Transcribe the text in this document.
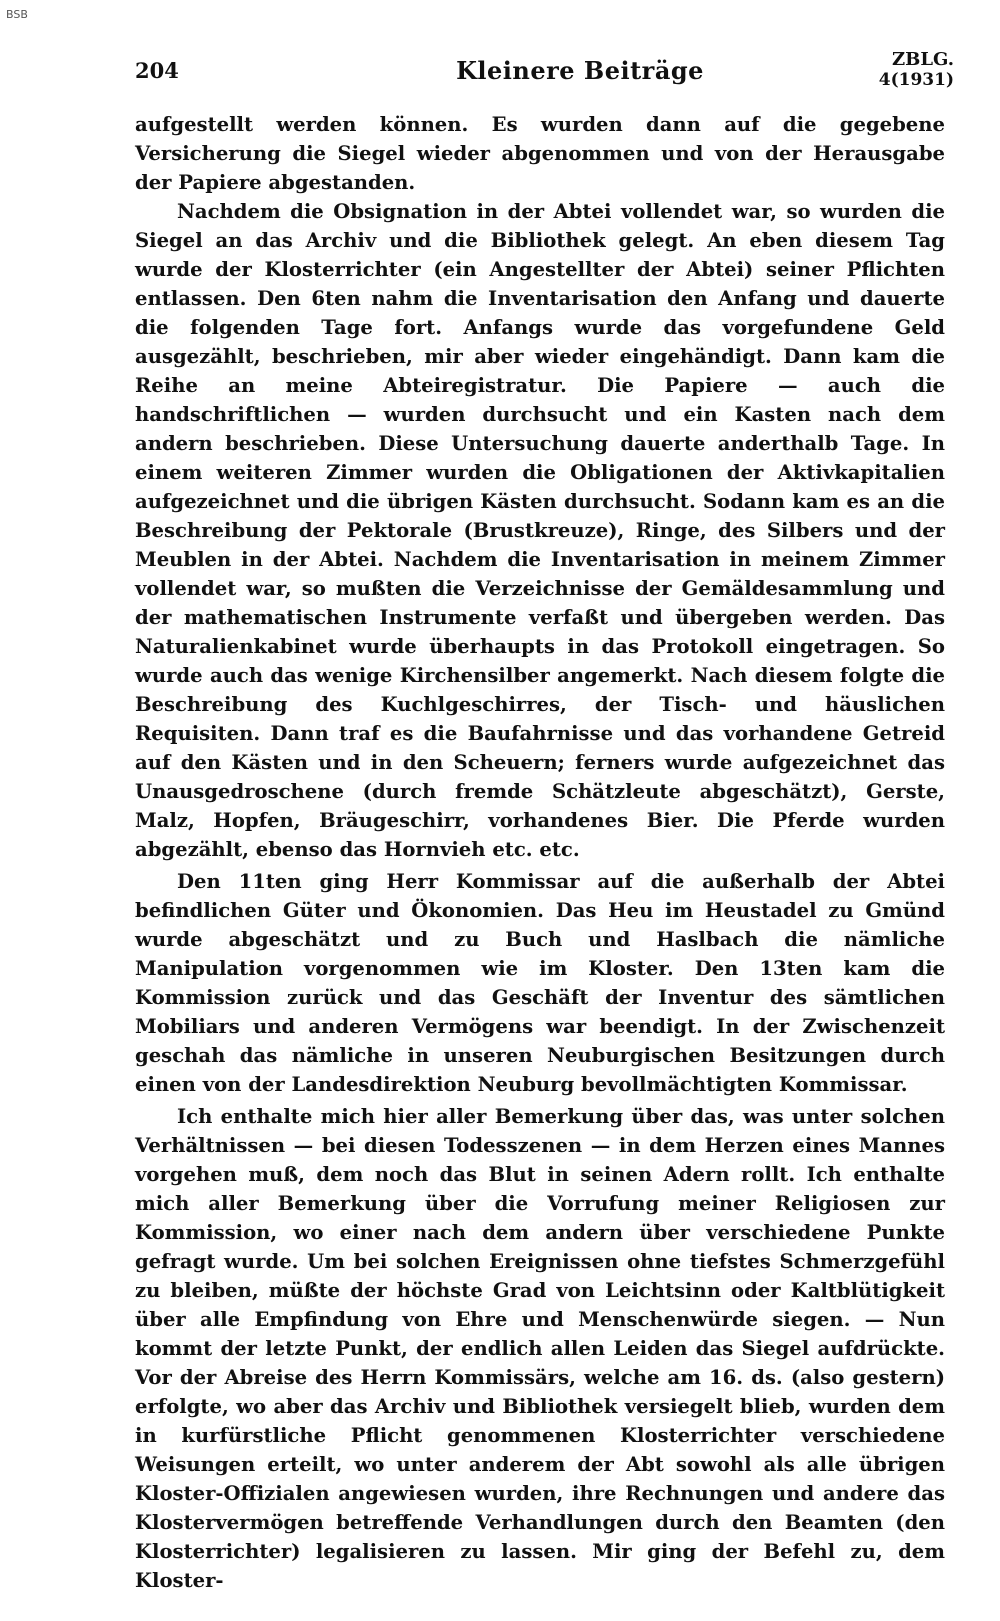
BSB
204	Kleinere Beiträge	ZBLG.
4(1931)

aufgestellt werden können. Es wurden dann auf die gegebene Versicherung die Siegel wieder abgenommen und von der Herausgabe der Papiere abgestanden.

Nachdem die Obsignation in der Abtei vollendet war, so wurden die Siegel an das Archiv und die Bibliothek gelegt. An eben diesem Tag wurde der Klosterrichter (ein Angestellter der Abtei) seiner Pflichten entlassen. Den 6ten nahm die Inventarisation den Anfang und dauerte die folgenden Tage fort. Anfangs wurde das vorgefundene Geld ausgezählt, beschrieben, mir aber wieder eingehändigt. Dann kam die Reihe an meine Abteiregistratur. Die Papiere — auch die handschriftlichen — wurden durchsucht und ein Kasten nach dem andern beschrieben. Diese Untersuchung dauerte anderthalb Tage. In einem weiteren Zimmer wurden die Obligationen der Aktivkapitalien aufgezeichnet und die übrigen Kästen durchsucht. Sodann kam es an die Beschreibung der Pektorale (Brustkreuze), Ringe, des Silbers und der Meublen in der Abtei. Nachdem die Inventarisation in meinem Zimmer vollendet war, so mußten die Verzeichnisse der Gemäldesammlung und der mathematischen Instrumente verfaßt und übergeben werden. Das Naturalienkabinet wurde überhaupts in das Protokoll eingetragen. So wurde auch das wenige Kirchensilber angemerkt. Nach diesem folgte die Beschreibung des Kuchlgeschirres, der Tisch- und häuslichen Requisiten. Dann traf es die Baufahrnisse und das vorhandene Getreid auf den Kästen und in den Scheuern; ferners wurde aufgezeichnet das Unausgedroschene (durch fremde Schätzleute abgeschätzt), Gerste, Malz, Hopfen, Bräugeschirr, vorhandenes Bier. Die Pferde wurden abgezählt, ebenso das Hornvieh etc. etc.

Den 11ten ging Herr Kommissar auf die außerhalb der Abtei befindlichen Güter und Ökonomien. Das Heu im Heustadel zu Gmünd wurde abgeschätzt und zu Buch und Haslbach die nämliche Manipulation vorgenommen wie im Kloster. Den 13ten kam die Kommission zurück und das Geschäft der Inventur des sämtlichen Mobiliars und anderen Vermögens war beendigt. In der Zwischenzeit geschah das nämliche in unseren Neuburgischen Besitzungen durch einen von der Landesdirektion Neuburg bevollmächtigten Kommissar.

Ich enthalte mich hier aller Bemerkung über das, was unter solchen Verhältnissen — bei diesen Todesszenen — in dem Herzen eines Mannes vorgehen muß, dem noch das Blut in seinen Adern rollt. Ich enthalte mich aller Bemerkung über die Vorrufung meiner Religiosen zur Kommission, wo einer nach dem andern über verschiedene Punkte gefragt wurde. Um bei solchen Ereignissen ohne tiefstes Schmerzgefühl zu bleiben, müßte der höchste Grad von Leichtsinn oder Kaltblütigkeit über alle Empfindung von Ehre und Menschenwürde siegen. — Nun kommt der letzte Punkt, der endlich allen Leiden das Siegel aufdrückte. Vor der Abreise des Herrn Kommissärs, welche am 16. ds. (also gestern) erfolgte, wo aber das Archiv und Bibliothek versiegelt blieb, wurden dem in kurfürstliche Pflicht genommenen Klosterrichter verschiedene Weisungen erteilt, wo unter anderem der Abt sowohl als alle übrigen Kloster-Offizialen angewiesen wurden, ihre Rechnungen und andere das Klostervermögen betreffende Verhandlungen durch den Beamten (den Klosterrichter) legalisieren zu lassen. Mir ging der Befehl zu, dem Kloster-
